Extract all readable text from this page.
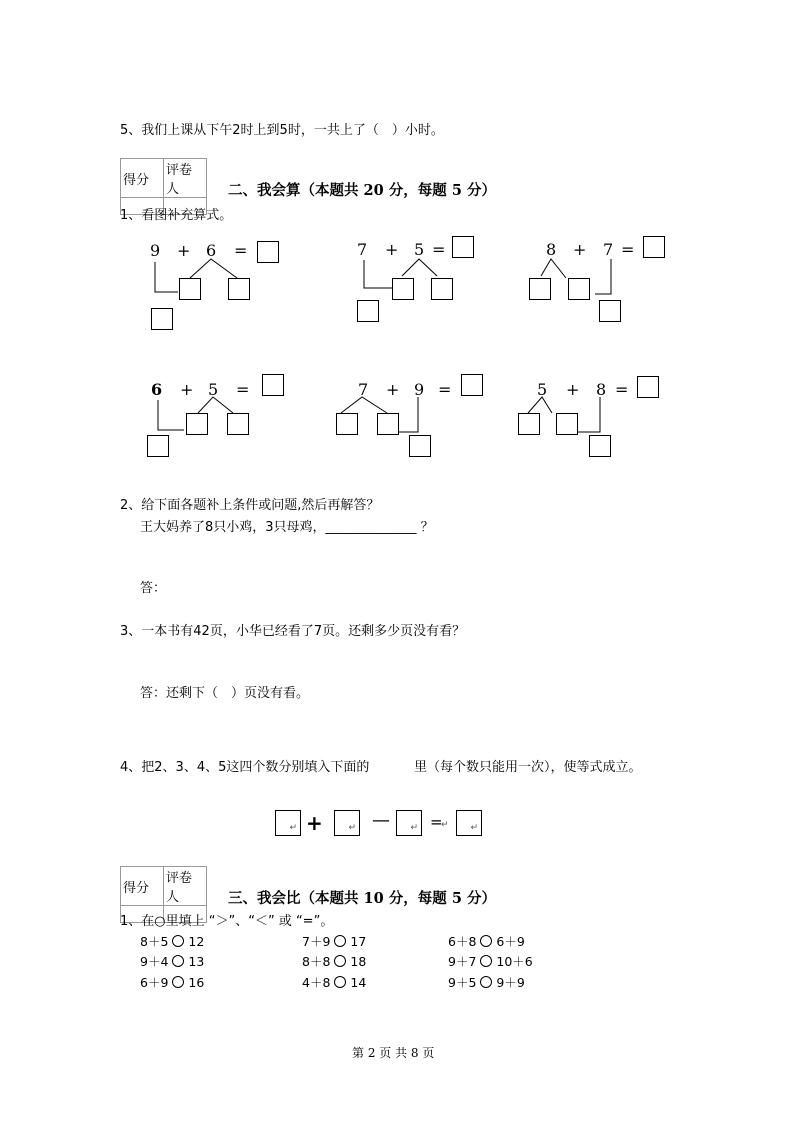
5、我们上课从下午2时上到5时，一共上了（　）小时。
得分	评卷人
		二、我会算（本题共 20 分，每题 5 分）
1、看图补充算式。
9 + 6 =	7 + 5 =	8 + 7 =
6 + 5 =	7 + 9 =	5 + 8 =
2、给下面各题补上条件或问题,然后再解答？
王大妈养了8只小鸡，3只母鸡，______________ ？
答：
3、一本书有42页，小华已经看了7页。还剩多少页没有看？
答：还剩下（　）页没有看。
4、把2、3、4、5这四个数分别填入下面的	里（每个数只能用一次），使等式成立。
↵ +	↵ — ↵ =
↵ ↵
得分	评卷人
		三、我会比（本题共 10 分，每题 5 分）
1、在○里填上 “＞”、“＜” 或 “=”。
8＋5 12	7＋9 17	6＋8 6＋9
9＋4 13	8＋8 18	9＋7 10＋6
6＋9 16	4＋8 14	9＋5 9＋9
第 2 页 共 8 页
